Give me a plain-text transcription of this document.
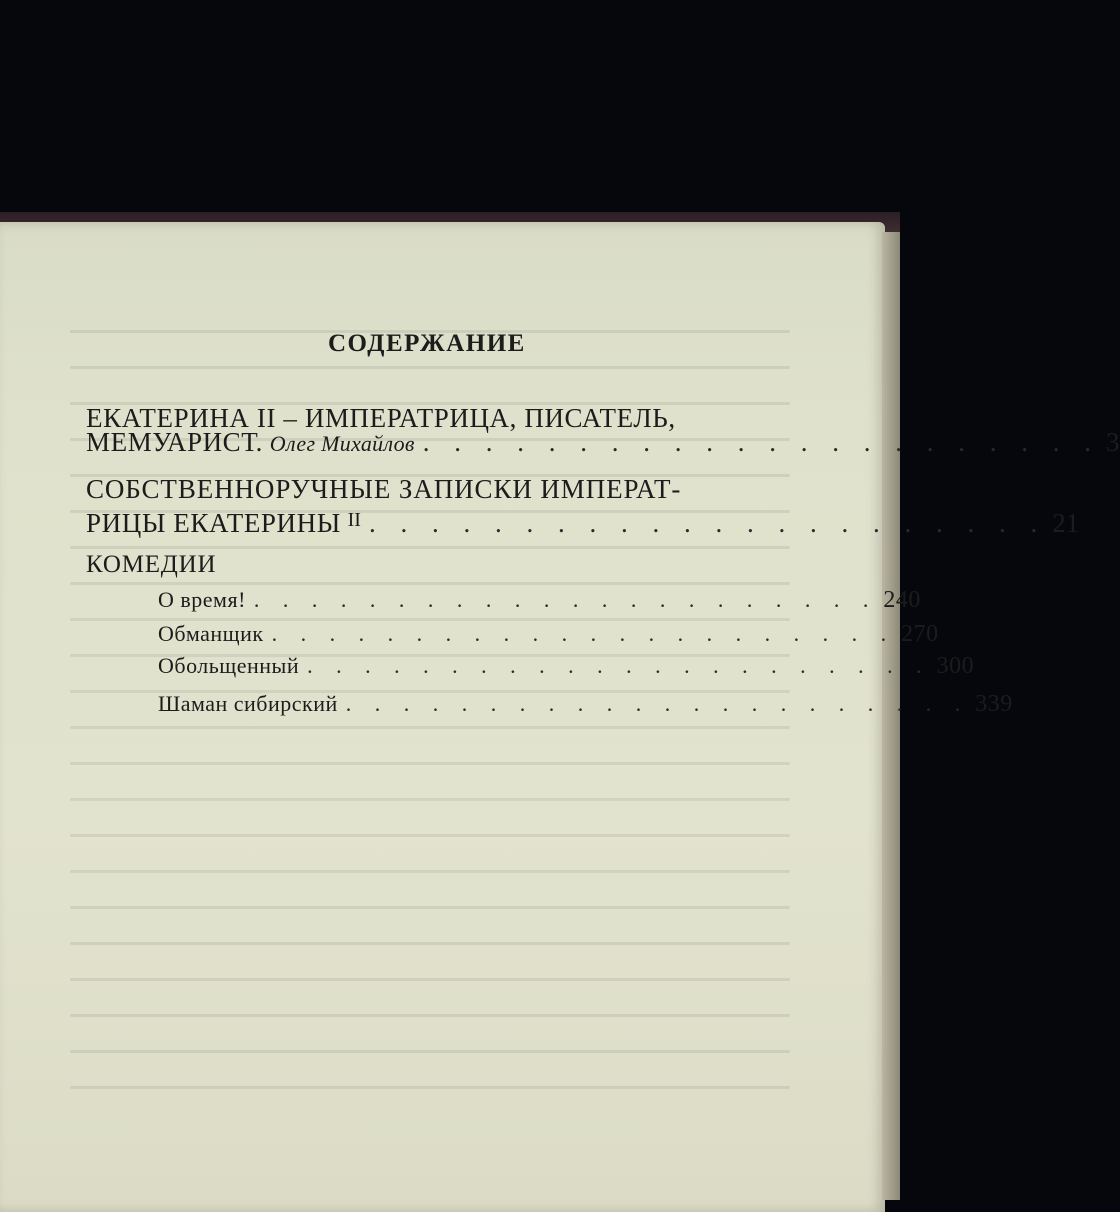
СОДЕРЖАНИЕ
ЕКАТЕРИНА II – ИМПЕРАТРИЦА, ПИСАТЕЛЬ,
МЕМУАРИСТ. Олег Михайлов . . . . . . . . . . . . . . . . . . . . . . 3
СОБСТВЕННОРУЧНЫЕ ЗАПИСКИ ИМПЕРАТ-
РИЦЫ ЕКАТЕРИНЫ $^{II}$ . . . . . . . . . . . . . . . . . . . . . . 21
КОМЕДИИ
О время! . . . . . . . . . . . . . . . . . . . . . . 240
Обманщик . . . . . . . . . . . . . . . . . . . . . . 270
Обольщенный . . . . . . . . . . . . . . . . . . . . . . 300
Шаман сибирский . . . . . . . . . . . . . . . . . . . . . . 339
